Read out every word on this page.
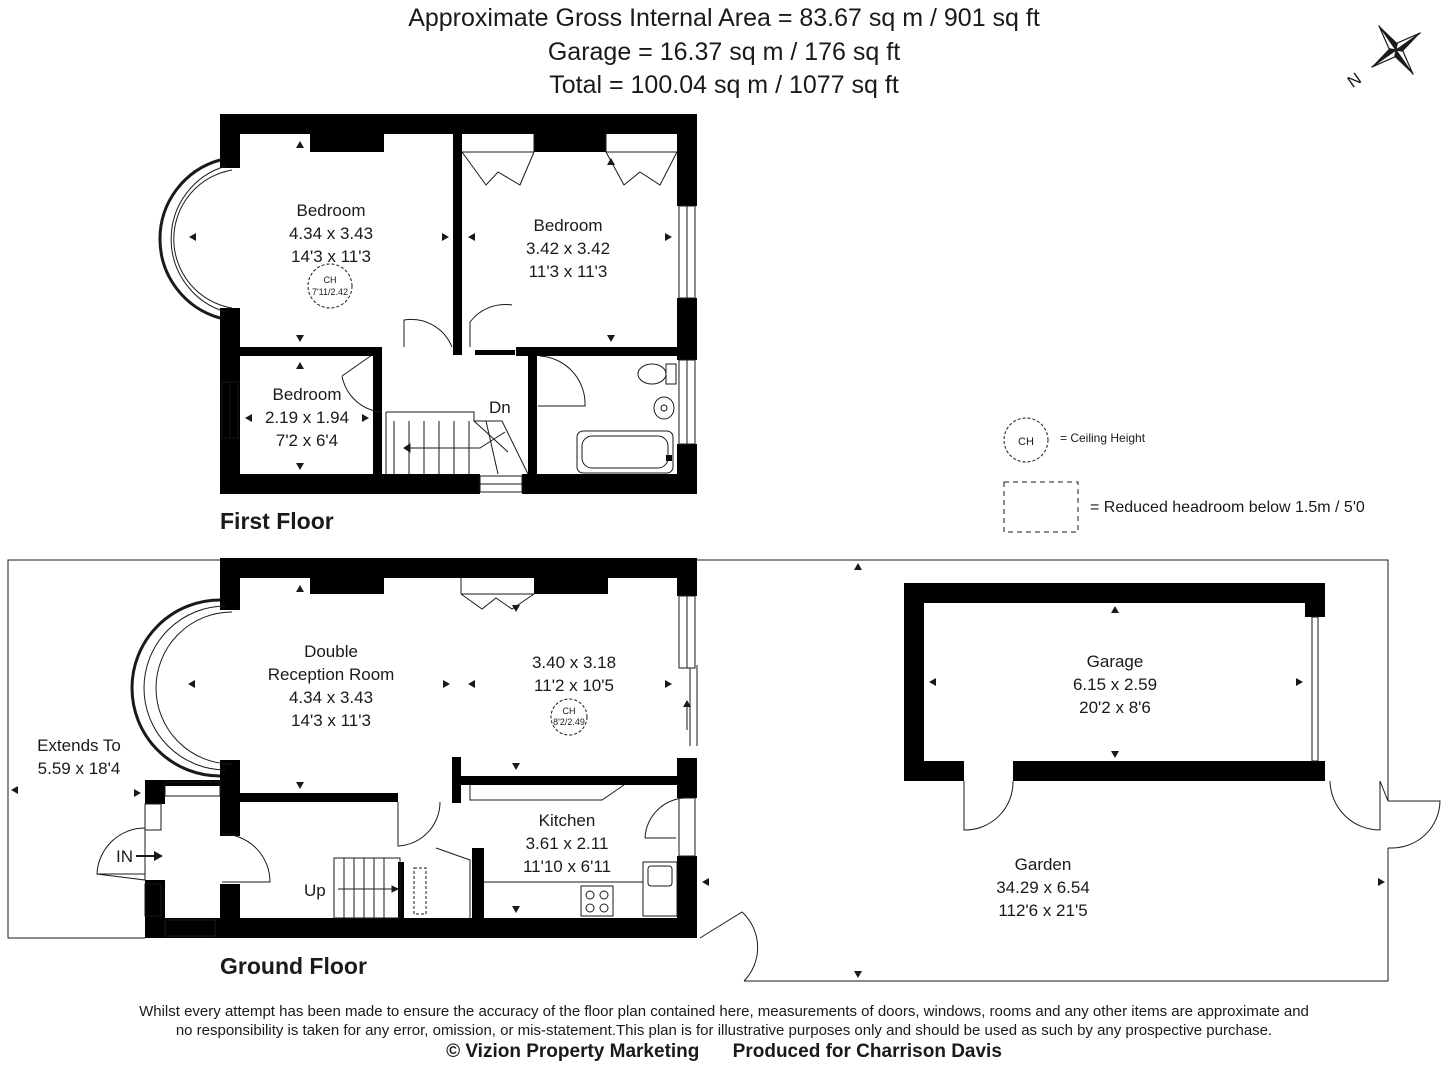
Approximate Gross Internal Area = 83.67 sq m / 901 sq ft
Garage = 16.37 sq m / 176 sq ft
Total = 100.04 sq m / 1077 sq ft	N
Bedroom
4.34 x 3.43
14'3 x 11'3
CH
7'11/2.42
Bedroom
3.42 x 3.42
11'3 x 11'3
Bedroom
2.19 x 1.94
7'2 x 6'4
Dn
Double
Reception Room
4.34 x 3.43
14'3 x 11'3
3.40 x 3.18
11'2 x 10'5
CH
8'2/2.49
Kitchen
3.61 x 2.11
11'10 x 6'11
Extends To
5.59 x 18'4
IN
Up
Garage
6.15 x 2.59
20'2 x 8'6
Garden
34.29 x 6.54
112'6 x 21'5
CH = Ceiling Height
= Reduced headroom below 1.5m / 5'0
First Floor
Ground Floor
Whilst every attempt has been made to ensure the accuracy of the floor plan contained here, measurements of doors, windows, rooms and any other items are approximate and
no responsibility is taken for any error, omission, or mis-statement.This plan is for illustrative purposes only and should be used as such by any prospective purchase.
© Vizion Property Marketing Produced for Charrison Davis
